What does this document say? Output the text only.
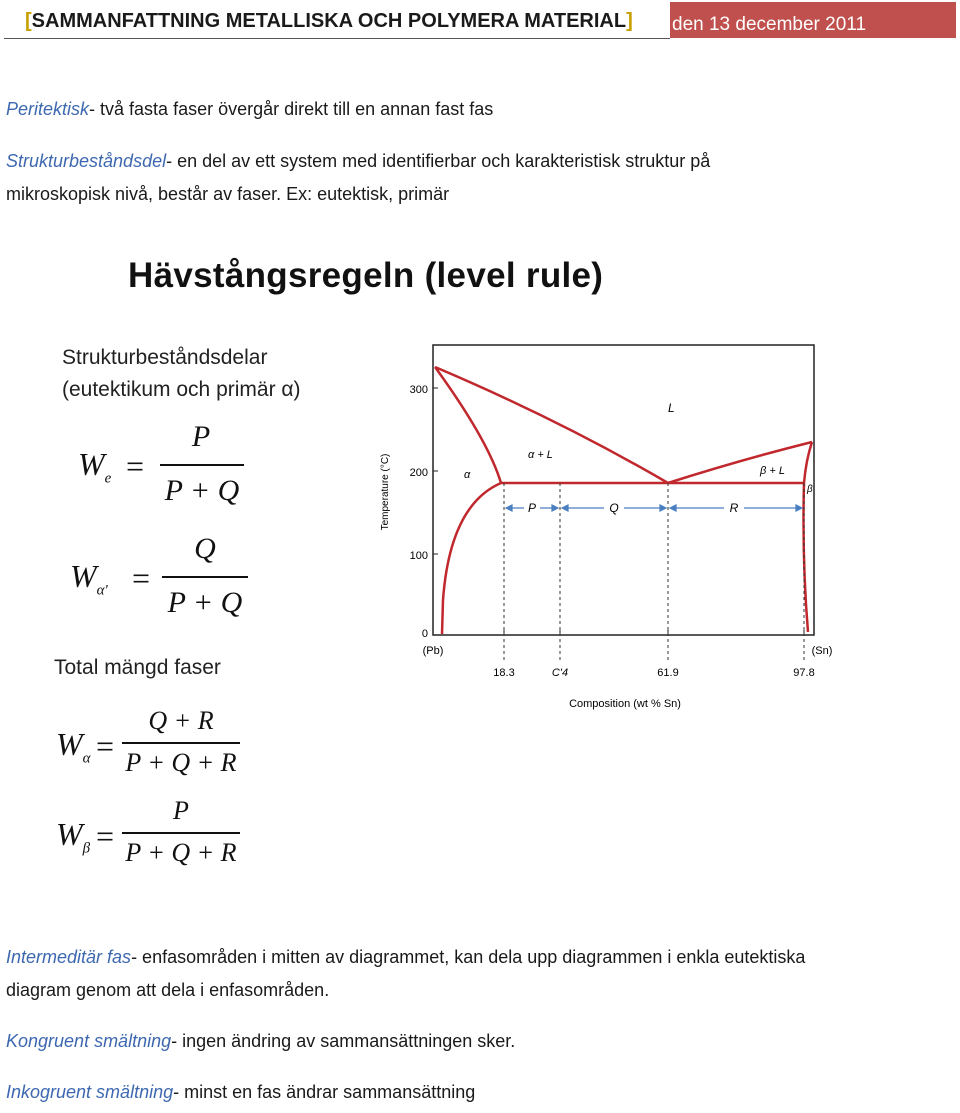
[SAMMANFATTNING METALLISKA OCH POLYMERA MATERIAL] den 13 december 2011
Peritektisk- två fasta faser övergår direkt till en annan fast fas
Strukturbeståndsdel- en del av ett system med identifierbar och karakteristisk struktur på
mikroskopisk nivå, består av faser. Ex: eutektisk, primär
Hävstångsregeln (level rule)
Strukturbeståndsdelar
(eutektikum och primär α)
Total mängd faser
$W_e$ =
P
P + Q
$W_{\alpha'}$ =
Q
P + Q
$W_\alpha$ =
Q + R
P + Q + R
$W_\beta$ =
P
P + Q + R
300
200
100
0
Temperature (°C)
(Pb)	(Sn)
18.3	C'4	61.9	97.8
Composition (wt % Sn)
P	Q	R
L
α + L
β + L
α
β
Intermeditär fas- enfasområden i mitten av diagrammet, kan dela upp diagrammen i enkla eutektiska
diagram genom att dela i enfasområden.
Kongruent smältning- ingen ändring av sammansättningen sker.
Inkogruent smältning- minst en fas ändrar sammansättning
